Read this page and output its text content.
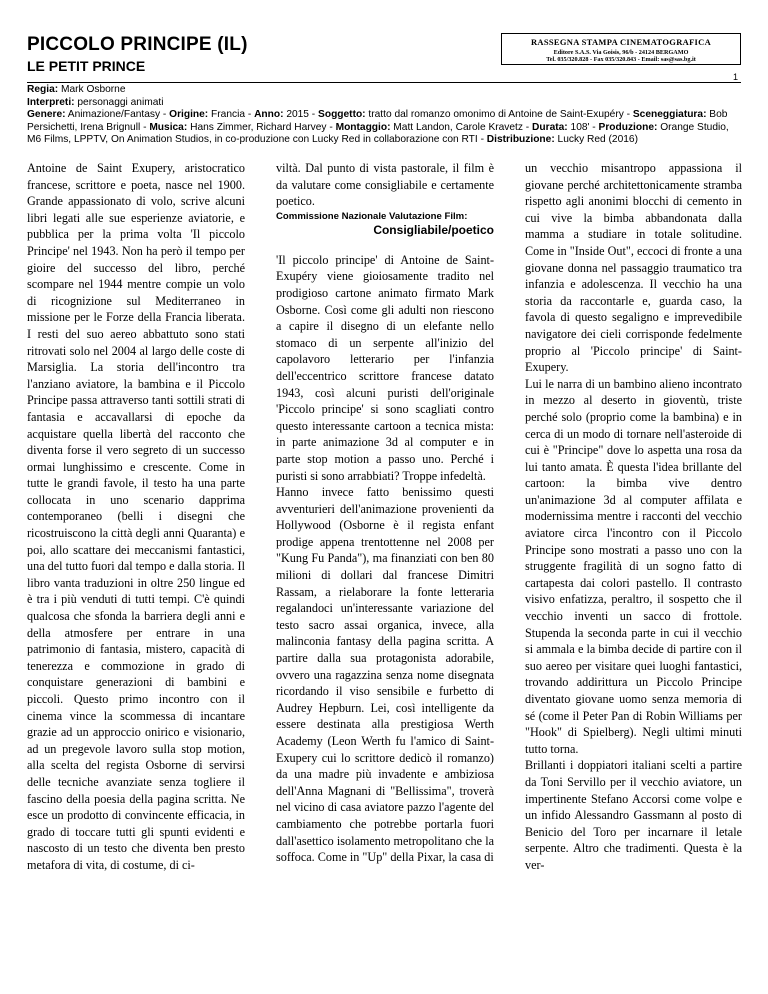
PICCOLO PRINCIPE (IL)
LE PETIT PRINCE
RASSEGNA STAMPA CINEMATOGRAFICA
Editore S.A.S. Via Goisis, 96/b - 24124 BERGAMO
Tel. 035/320.828 - Fax 035/320.843 - Email: sas@sas.bg.it
1
Regia: Mark Osborne
Interpreti: personaggi animati
Genere: Animazione/Fantasy - Origine: Francia - Anno: 2015 - Soggetto: tratto dal romanzo omonimo di Antoine de Saint-Exupéry - Sceneggiatura: Bob Persichetti, Irena Brignull - Musica: Hans Zimmer, Richard Harvey - Montaggio: Matt Landon, Carole Kravetz - Durata: 108' - Produzione: Orange Studio, M6 Films, LPPTV, On Animation Studios, in co-produzione con Lucky Red in collaborazione con RTI - Distribuzione: Lucky Red (2016)

Antoine de Saint Exupery, aristocratico francese, scrittore e poeta, nasce nel 1900. Grande appassionato di volo, scrive alcuni libri legati alle sue esperienze aviatorie, e pubblica per la prima volta 'Il piccolo Principe' nel 1943. Non ha però il tempo per gioire del successo del libro, perché scompare nel 1944 mentre compie un volo di ricognizione sul Mediterraneo in missione per le Forze della Francia liberata. I resti del suo aereo abbattuto sono stati ritrovati solo nel 2004 al largo delle coste di Marsiglia. La storia dell'incontro tra l'anziano aviatore, la bambina e il Piccolo Principe passa attraverso tanti sottili strati di fantasia e accavallarsi di epoche da acquistare quella libertà del racconto che diventa forse il vero segreto di un successo ormai lunghissimo e crescente. Come in tutte le grandi favole, il testo ha una parte collocata in uno scenario dapprima contemporaneo (belli i disegni che ricostruiscono la città degli anni Quaranta) e poi, allo scattare dei meccanismi fantastici, una del tutto fuori dal tempo e dalla storia. Il libro vanta traduzioni in oltre 250 lingue ed è tra i più venduti di tutti tempi. C'è quindi qualcosa che sfonda la barriera degli anni e della atmosfere per entrare in una patrimonio di fantasia, mistero, capacità di tenerezza e commozione in grado di conquistare generazioni di bambini e piccoli. Questo primo incontro con il cinema vince la scommessa di incantare grazie ad un approccio onirico e visionario, ad un pregevole lavoro sulla stop motion, alla scelta del regista Osborne di servirsi delle tecniche avanziate senza togliere il fascino della poesia della pagina scritta. Ne esce un prodotto di convincente efficacia, in grado di toccare tutti gli spunti evidenti e nascosto di un testo che diventa ben presto metafora di vita, di costume, di ci-

viltà. Dal punto di vista pastorale, il film è da valutare come consigliabile e certamente poetico.

Commissione Nazionale Valutazione Film:
Consigliabile/poetico

'Il piccolo principe' di Antoine de Saint-Exupéry viene gioiosamente tradito nel prodigioso cartone animato firmato Mark Osborne. Così come gli adulti non riescono a capire il disegno di un elefante nello stomaco di un serpente all'inizio del capolavoro letterario per l'infanzia dell'eccentrico scrittore francese datato 1943, così alcuni puristi dell'originale 'Piccolo principe' si sono scagliati contro questo interessante cartoon a tecnica mista: in parte animazione 3d al computer e in parte stop motion a passo uno. Perché i puristi si sono arrabbiati? Troppe infedeltà.

Hanno invece fatto benissimo questi avventurieri dell'animazione provenienti da Hollywood (Osborne è il regista enfant prodige appena trentottenne nel 2008 per "Kung Fu Panda"), ma finanziati con ben 80 milioni di dollari dal francese Dimitri Rassam, a rielaborare la fonte letteraria regalandoci un'interessante variazione del testo sacro assai organica, invece, alla malinconia fantasy della pagina scritta. A partire dalla sua protagonista adorabile, ovvero una ragazzina senza nome disegnata ricordando il viso sensibile e furbetto di Audrey Hepburn. Lei, così intelligente da essere destinata alla prestigiosa Werth Academy (Leon Werth fu l'amico di Saint-Exupery cui lo scrittore dedicò il romanzo) da una madre più invadente e ambiziosa dell'Anna Magnani di "Bellissima", troverà nel vicino di casa aviatore pazzo l'agente del cambiamento che potrebbe portarla fuori dall'asettico isolamento metropolitano che la soffoca. Come in "Up" della Pixar, la casa di

un vecchio misantropo appassiona il giovane perché architettonicamente stramba rispetto agli anonimi blocchi di cemento in cui vive la bimba abbandonata dalla mamma a studiare in totale solitudine. Come in "Inside Out", eccoci di fronte a una giovane donna nel passaggio traumatico tra infanzia e adolescenza. Il vecchio ha una storia da raccontarle e, guarda caso, la favola di questo segaligno e imprevedibile navigatore dei cieli corrisponde fedelmente proprio al 'Piccolo principe' di Saint-Exupery.

Lui le narra di un bambino alieno incontrato in mezzo al deserto in gioventù, triste perché solo (proprio come la bambina) e in cerca di un modo di tornare nell'asteroide di cui è "Principe" dove lo aspetta una rosa da lui tanto amata. È questa l'idea brillante del cartoon: la bimba vive dentro un'animazione 3d al computer affilata e modernissima mentre i racconti del vecchio aviatore circa l'incontro con il Piccolo Principe sono mostrati a passo uno con la struggente fragilità di un sogno fatto di cartapesta dai colori pastello. Il contrasto visivo enfatizza, peraltro, il sospetto che il vecchio inventi un sacco di frottole. Stupenda la seconda parte in cui il vecchio si ammala e la bimba decide di partire con il suo aereo per visitare quei luoghi fantastici, trovando addirittura un Piccolo Principe diventato giovane uomo senza memoria di sé (come il Peter Pan di Robin Williams per "Hook" di Spielberg). Negli ultimi minuti tutto torna.

Brillanti i doppiatori italiani scelti a partire da Toni Servillo per il vecchio aviatore, un impertinente Stefano Accorsi come volpe e un infido Alessandro Gassmann al posto di Benicio del Toro per incarnare il letale serpente. Altro che tradimenti. Questa è la ver-
